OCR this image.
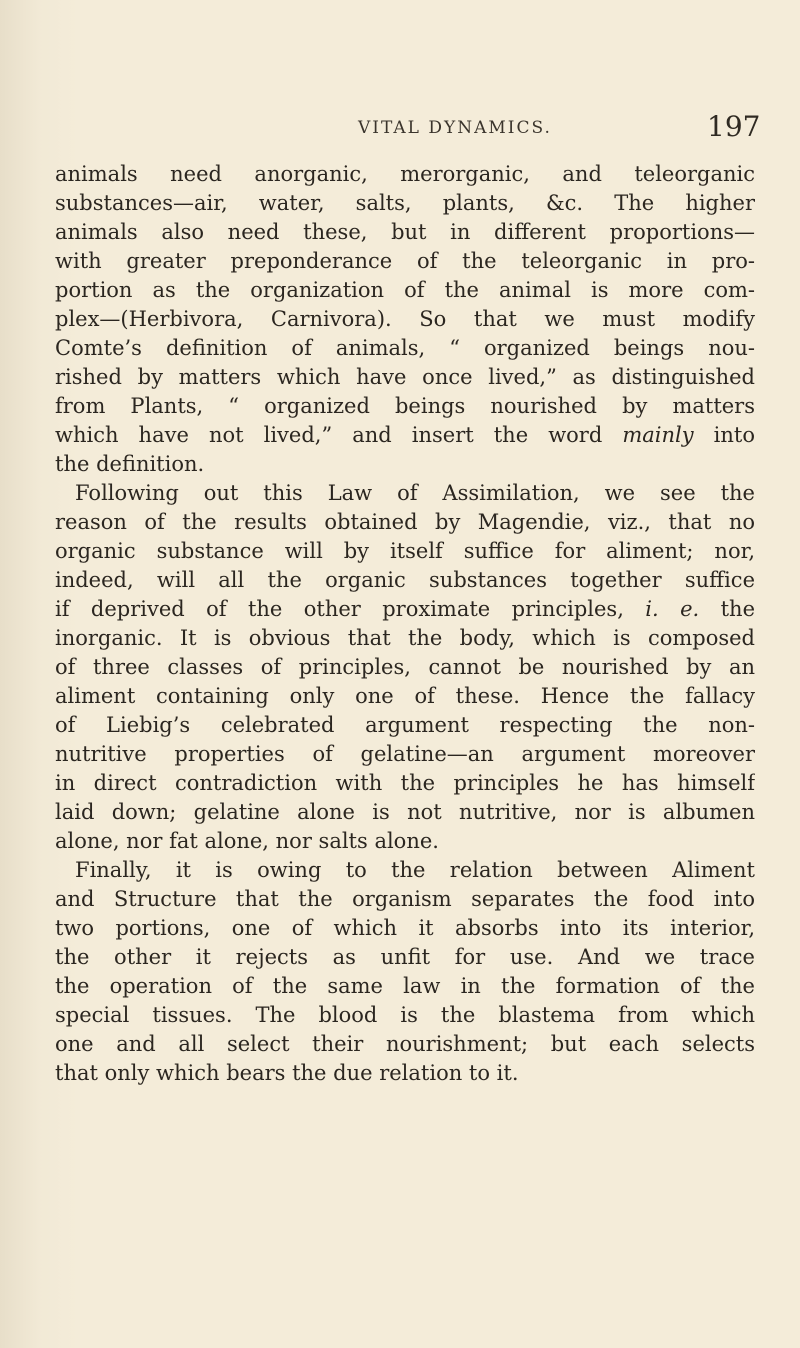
VITAL DYNAMICS.	197
animals need anorganic, merorganic, and teleorganic
substances—air, water, salts, plants, &c. The higher
animals also need these, but in different proportions—
with greater preponderance of the teleorganic in pro-
portion as the organization of the animal is more com-
plex—(Herbivora, Carnivora). So that we must modify
Comte’s definition of animals, “ organized beings nou-
rished by matters which have once lived,” as distinguished
from Plants, “ organized beings nourished by matters
which have not lived,” and insert the word mainly into
the definition.
Following out this Law of Assimilation, we see the
reason of the results obtained by Magendie, viz., that no
organic substance will by itself suffice for aliment; nor,
indeed, will all the organic substances together suffice
if deprived of the other proximate principles, i. e. the
inorganic. It is obvious that the body, which is composed
of three classes of principles, cannot be nourished by an
aliment containing only one of these. Hence the fallacy
of Liebig’s celebrated argument respecting the non-
nutritive properties of gelatine—an argument moreover
in direct contradiction with the principles he has himself
laid down; gelatine alone is not nutritive, nor is albumen
alone, nor fat alone, nor salts alone.
Finally, it is owing to the relation between Aliment
and Structure that the organism separates the food into
two portions, one of which it absorbs into its interior,
the other it rejects as unfit for use. And we trace
the operation of the same law in the formation of the
special tissues. The blood is the blastema from which
one and all select their nourishment; but each selects
that only which bears the due relation to it.
